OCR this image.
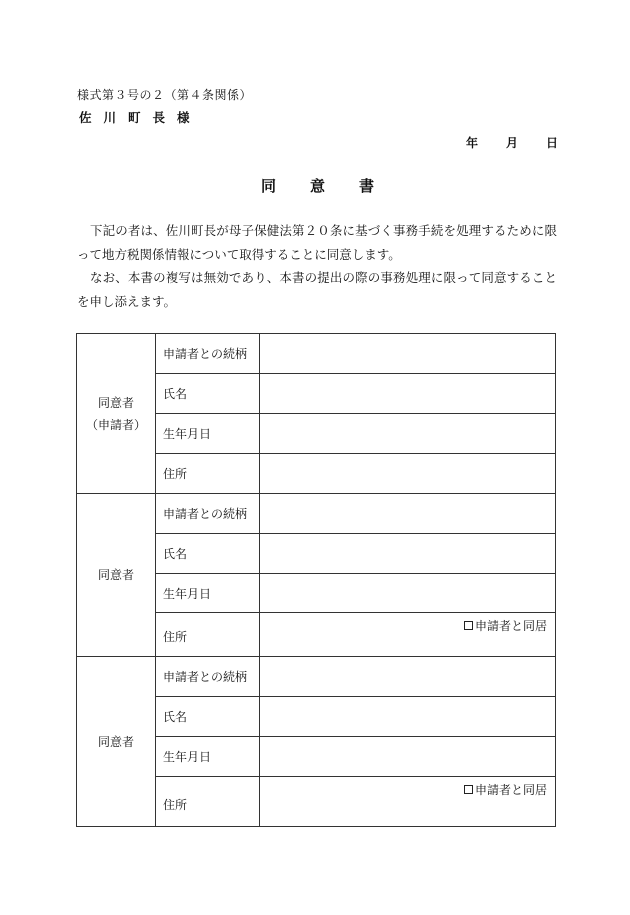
様式第３号の２（第４条関係）
佐川町長様
年 月 日
同意書

下記の者は、佐川町長が母子保健法第２０条に基づく事務手続を処理するために限って地方税関係情報について取得することに同意します。

なお、本書の複写は無効であり、本書の提出の際の事務処理に限って同意することを申し添えます。

同意者
（申請者）	申請者との続柄	
	氏名	
	生年月日	
	住所	

同意者	申請者との続柄	
	氏名	
	生年月日	
	住所	申請者と同居

同意者	申請者との続柄	
	氏名	
	生年月日	
	住所	申請者と同居
